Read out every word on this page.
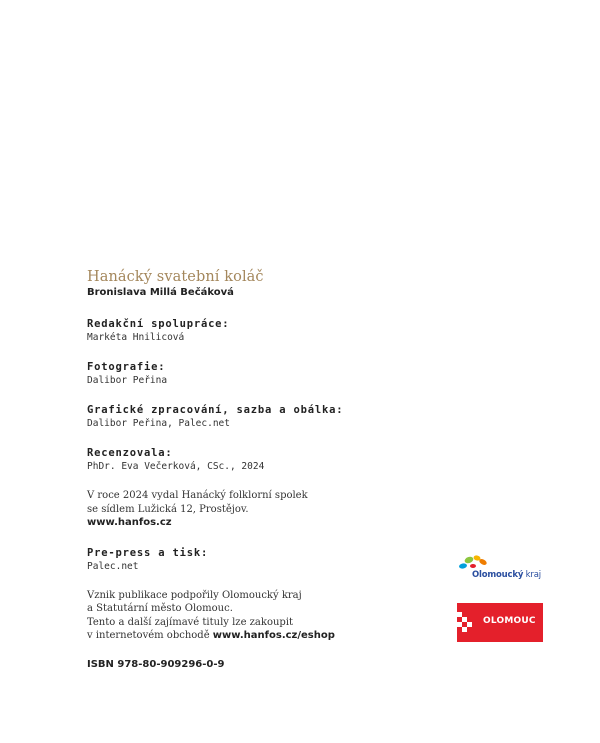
Hanácký svatební koláč

Bronislava Millá Bečáková

Redakční spolupráce:

Markéta Hnilicová

Fotografie:

Dalibor Peřina

Grafické zpracování, sazba a obálka:

Dalibor Peřina, Palec.net

Recenzovala:

PhDr. Eva Večerková, CSc., 2024

V roce 2024 vydal Hanácký folklorní spolek

se sídlem Lužická 12, Prostějov.

www.hanfos.cz

Pre-press a tisk:

Palec.net

Vznik publikace podpořily Olomoucký kraj

a Statutární město Olomouc.

Tento a další zajímavé tituly lze zakoupit

v internetovém obchodě www.hanfos.cz/eshop

ISBN 978-80-909296-0-9

Olomoucký kraj
OLOMOUC
